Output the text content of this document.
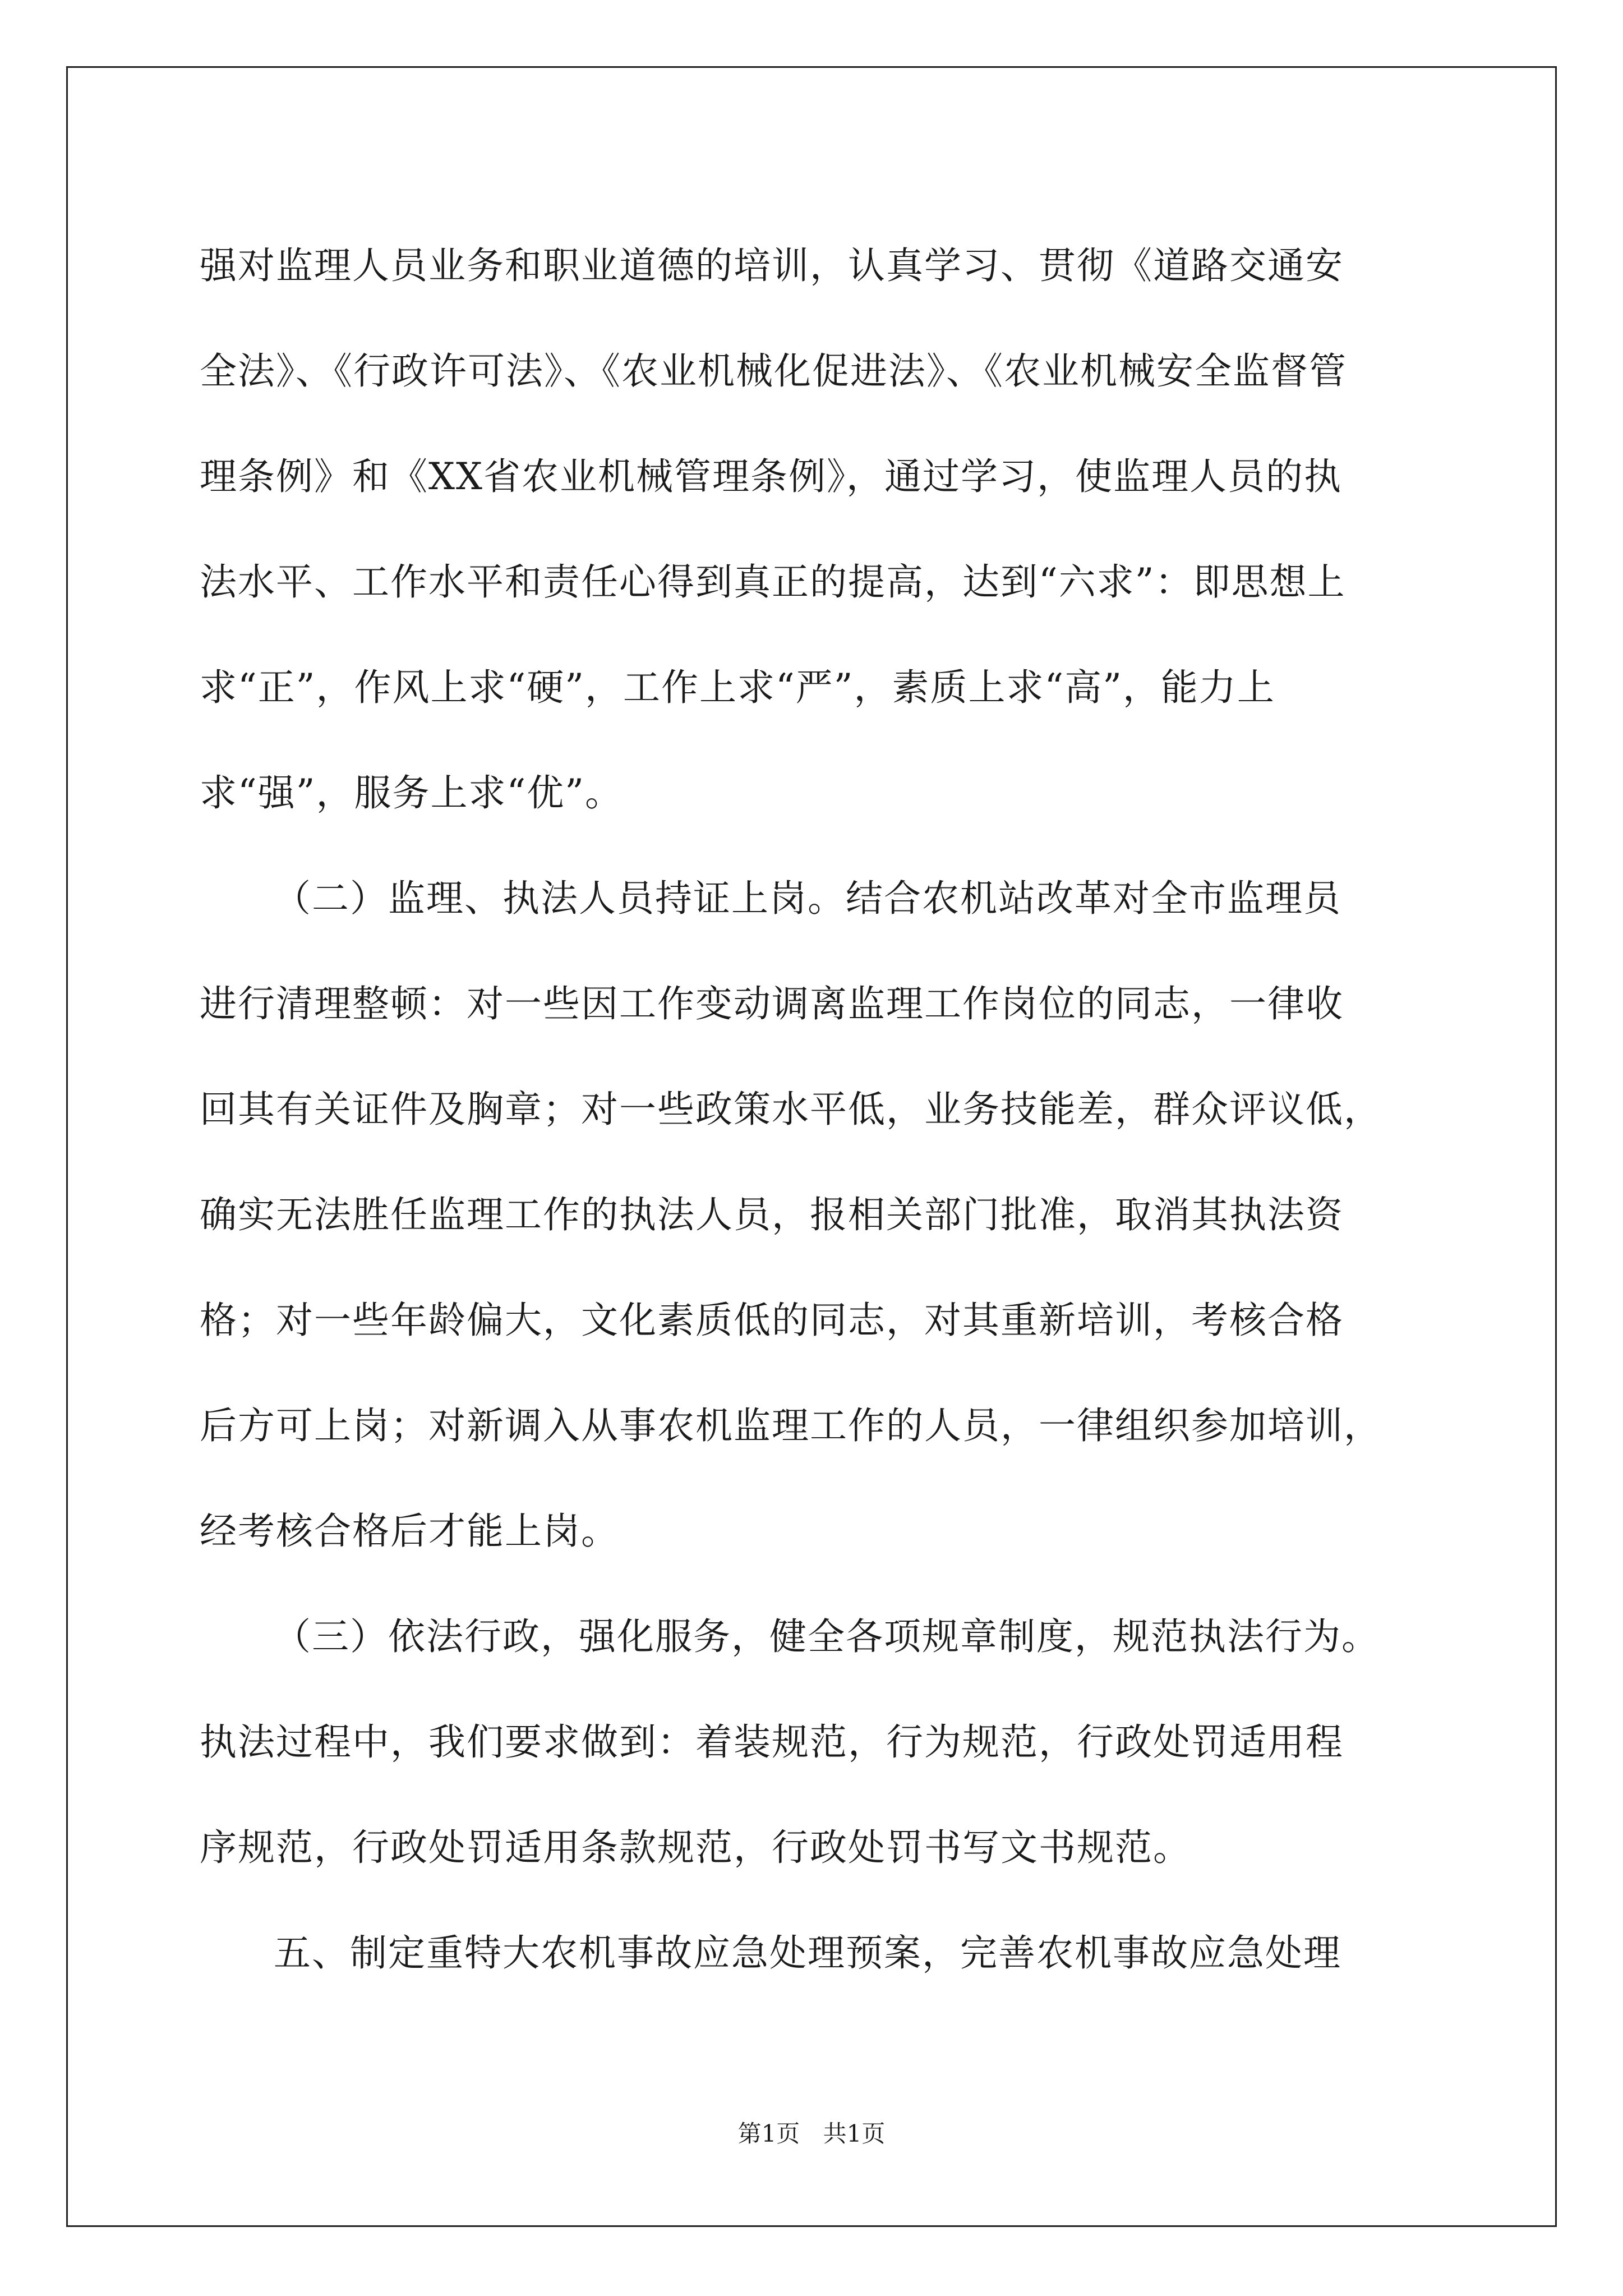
强对监理人员业务和职业道德的培训，认真学习、贯彻《道路交通安
全法》、《行政许可法》、《农业机械化促进法》、《农业机械安全监督管
理条例》和《XX省农业机械管理条例》，通过学习，使监理人员的执
法水平、工作水平和责任心得到真正的提高，达到“六求”：即思想上
求“正”，作风上求“硬”，工作上求“严”，素质上求“高”，能力上
求“强”，服务上求“优”。
（二）监理、执法人员持证上岗。结合农机站改革对全市监理员
进行清理整顿：对一些因工作变动调离监理工作岗位的同志，一律收
回其有关证件及胸章；对一些政策水平低，业务技能差，群众评议低，
确实无法胜任监理工作的执法人员，报相关部门批准，取消其执法资
格；对一些年龄偏大，文化素质低的同志，对其重新培训，考核合格
后方可上岗；对新调入从事农机监理工作的人员，一律组织参加培训，
经考核合格后才能上岗。
（三）依法行政，强化服务，健全各项规章制度，规范执法行为。
执法过程中，我们要求做到：着装规范，行为规范，行政处罚适用程
序规范，行政处罚适用条款规范，行政处罚书写文书规范。
五、制定重特大农机事故应急处理预案，完善农机事故应急处理
第1页 共1页
